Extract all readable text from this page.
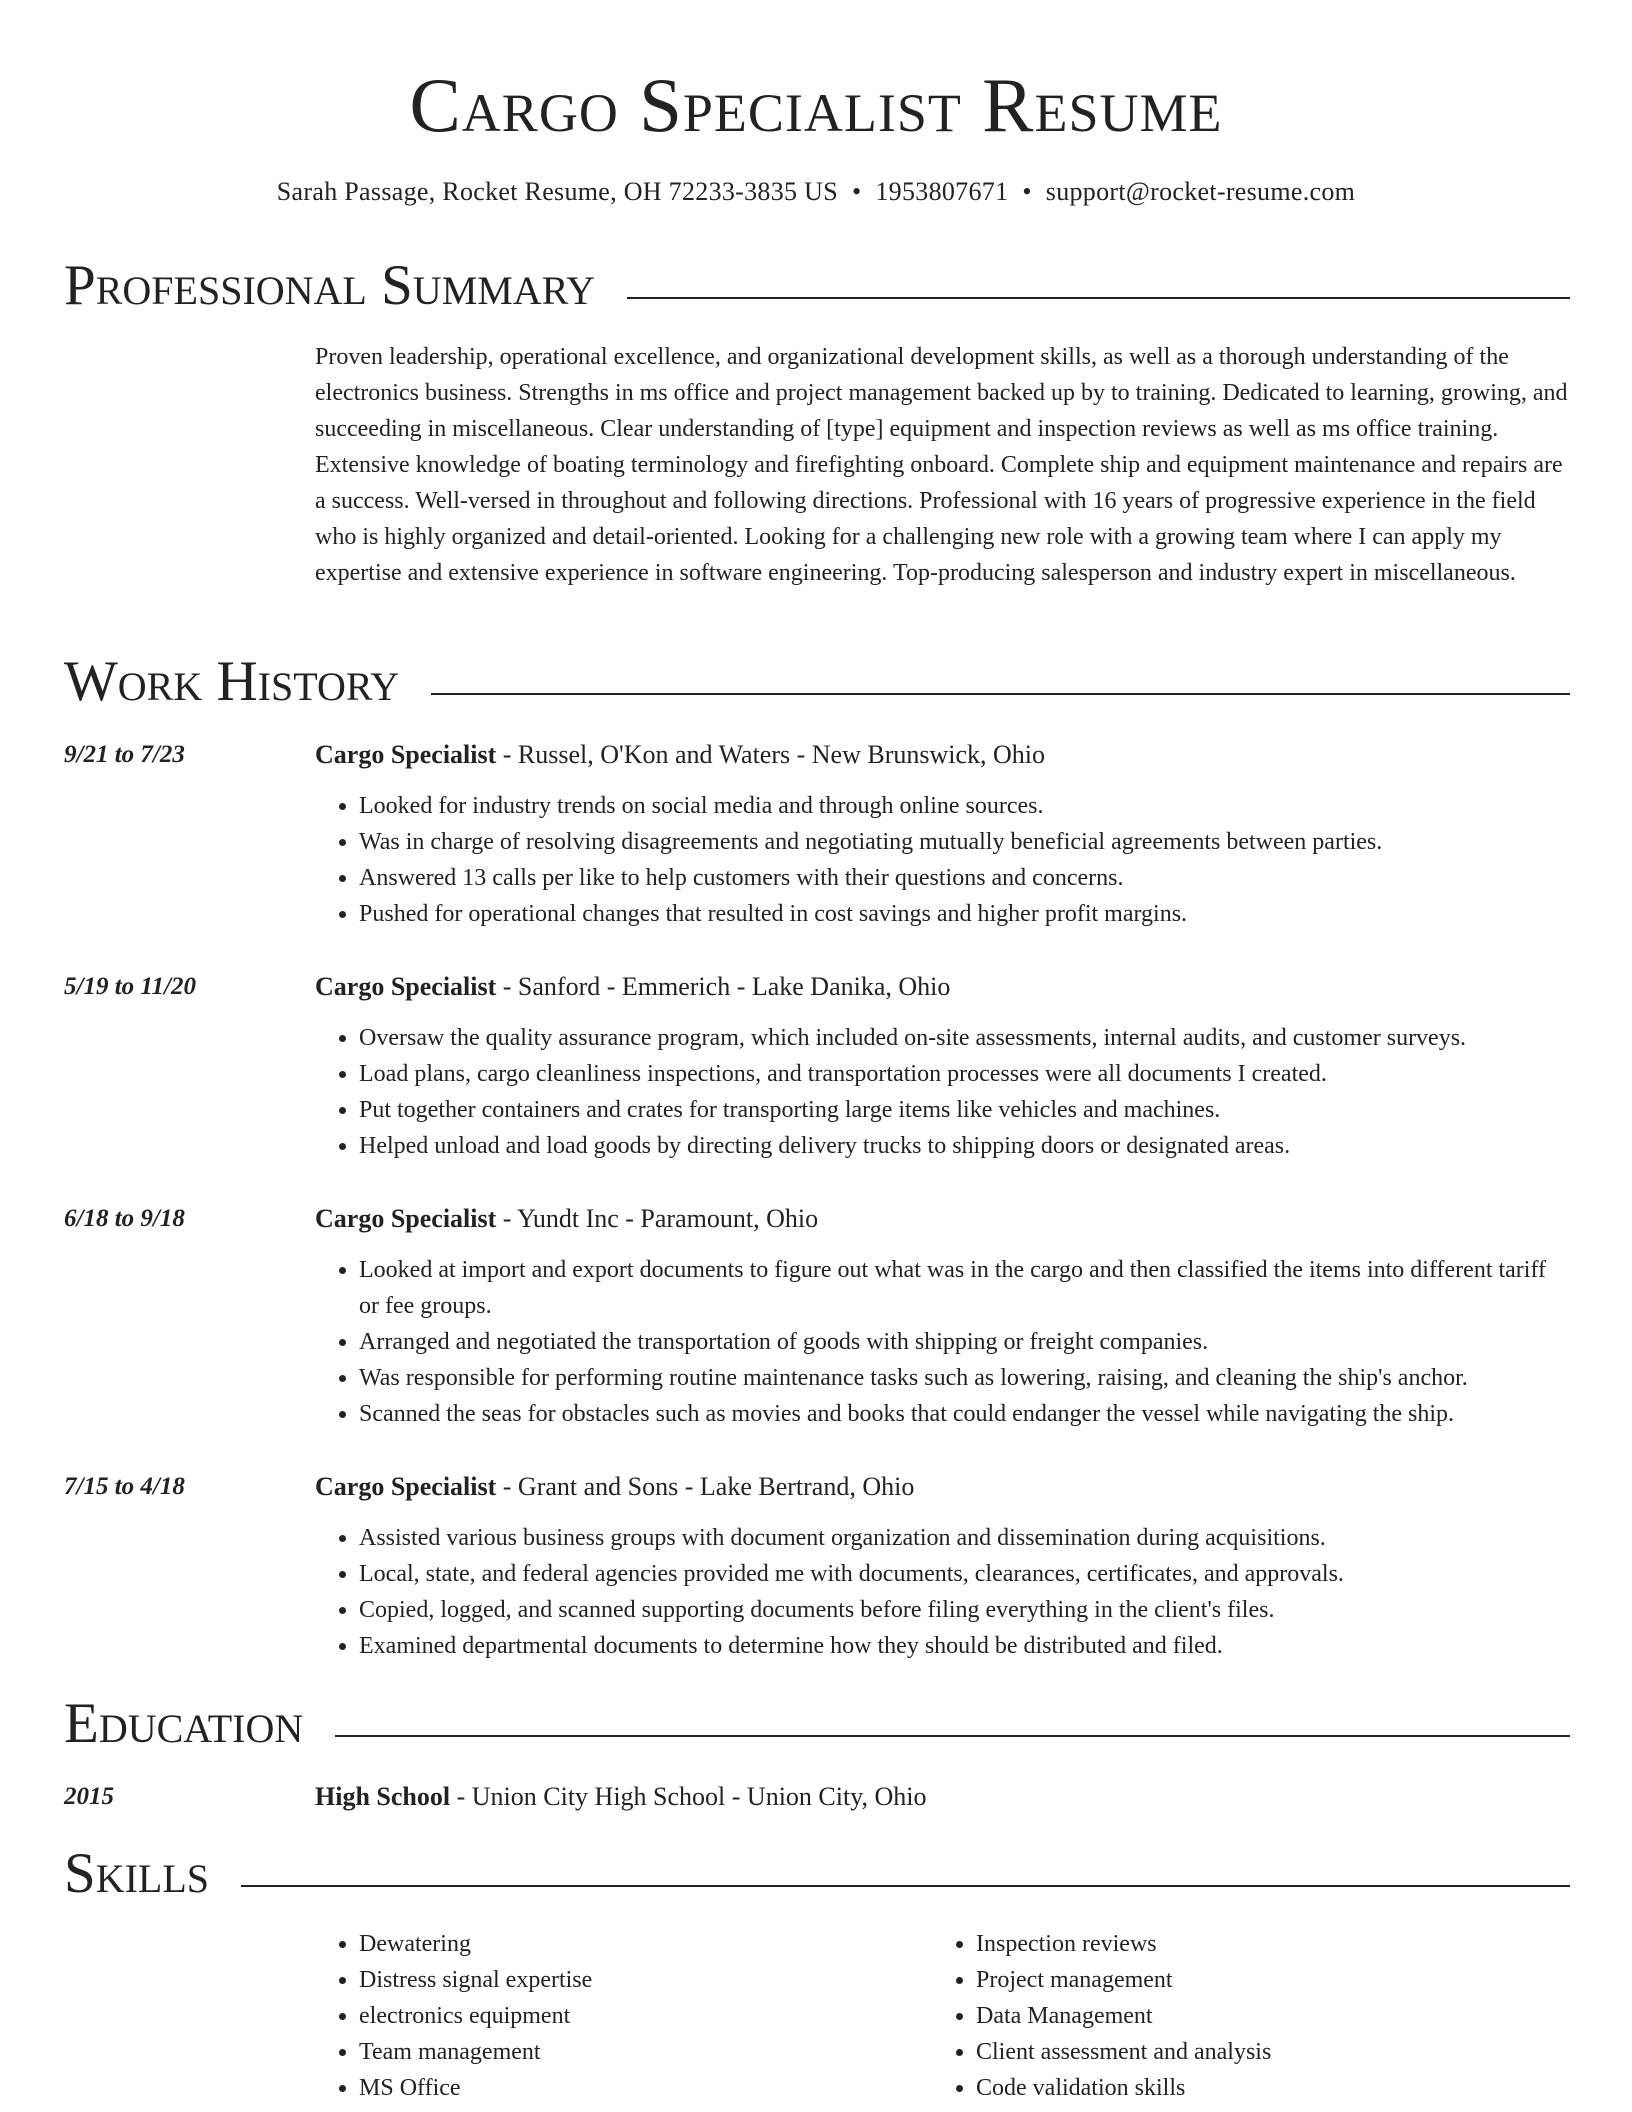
Cargo Specialist Resume
Sarah Passage, Rocket Resume, OH 72233-3835 US • 1953807671 • support@rocket-resume.com
Professional Summary
Proven leadership, operational excellence, and organizational development skills, as well as a thorough understanding of the electronics business. Strengths in ms office and project management backed up by to training. Dedicated to learning, growing, and succeeding in miscellaneous. Clear understanding of [type] equipment and inspection reviews as well as ms office training. Extensive knowledge of boating terminology and firefighting onboard. Complete ship and equipment maintenance and repairs are a success. Well-versed in throughout and following directions. Professional with 16 years of progressive experience in the field who is highly organized and detail-oriented. Looking for a challenging new role with a growing team where I can apply my expertise and extensive experience in software engineering. Top-producing salesperson and industry expert in miscellaneous.
Work History
9/21 to 7/23	Cargo Specialist - Russel, O'Kon and Waters - New Brunswick, Ohio
• Looked for industry trends on social media and through online sources.
• Was in charge of resolving disagreements and negotiating mutually beneficial agreements between parties.
• Answered 13 calls per like to help customers with their questions and concerns.
• Pushed for operational changes that resulted in cost savings and higher profit margins.
5/19 to 11/20	Cargo Specialist - Sanford - Emmerich - Lake Danika, Ohio
• Oversaw the quality assurance program, which included on-site assessments, internal audits, and customer surveys.
• Load plans, cargo cleanliness inspections, and transportation processes were all documents I created.
• Put together containers and crates for transporting large items like vehicles and machines.
• Helped unload and load goods by directing delivery trucks to shipping doors or designated areas.
6/18 to 9/18	Cargo Specialist - Yundt Inc - Paramount, Ohio
• Looked at import and export documents to figure out what was in the cargo and then classified the items into different tariff or fee groups.
• Arranged and negotiated the transportation of goods with shipping or freight companies.
• Was responsible for performing routine maintenance tasks such as lowering, raising, and cleaning the ship's anchor.
• Scanned the seas for obstacles such as movies and books that could endanger the vessel while navigating the ship.
7/15 to 4/18	Cargo Specialist - Grant and Sons - Lake Bertrand, Ohio
• Assisted various business groups with document organization and dissemination during acquisitions.
• Local, state, and federal agencies provided me with documents, clearances, certificates, and approvals.
• Copied, logged, and scanned supporting documents before filing everything in the client's files.
• Examined departmental documents to determine how they should be distributed and filed.
Education
2015	High School - Union City High School - Union City, Ohio
Skills
• Dewatering
• Distress signal expertise
• electronics equipment
• Team management
• MS Office
• Inspection reviews
• Project management
• Data Management
• Client assessment and analysis
• Code validation skills
